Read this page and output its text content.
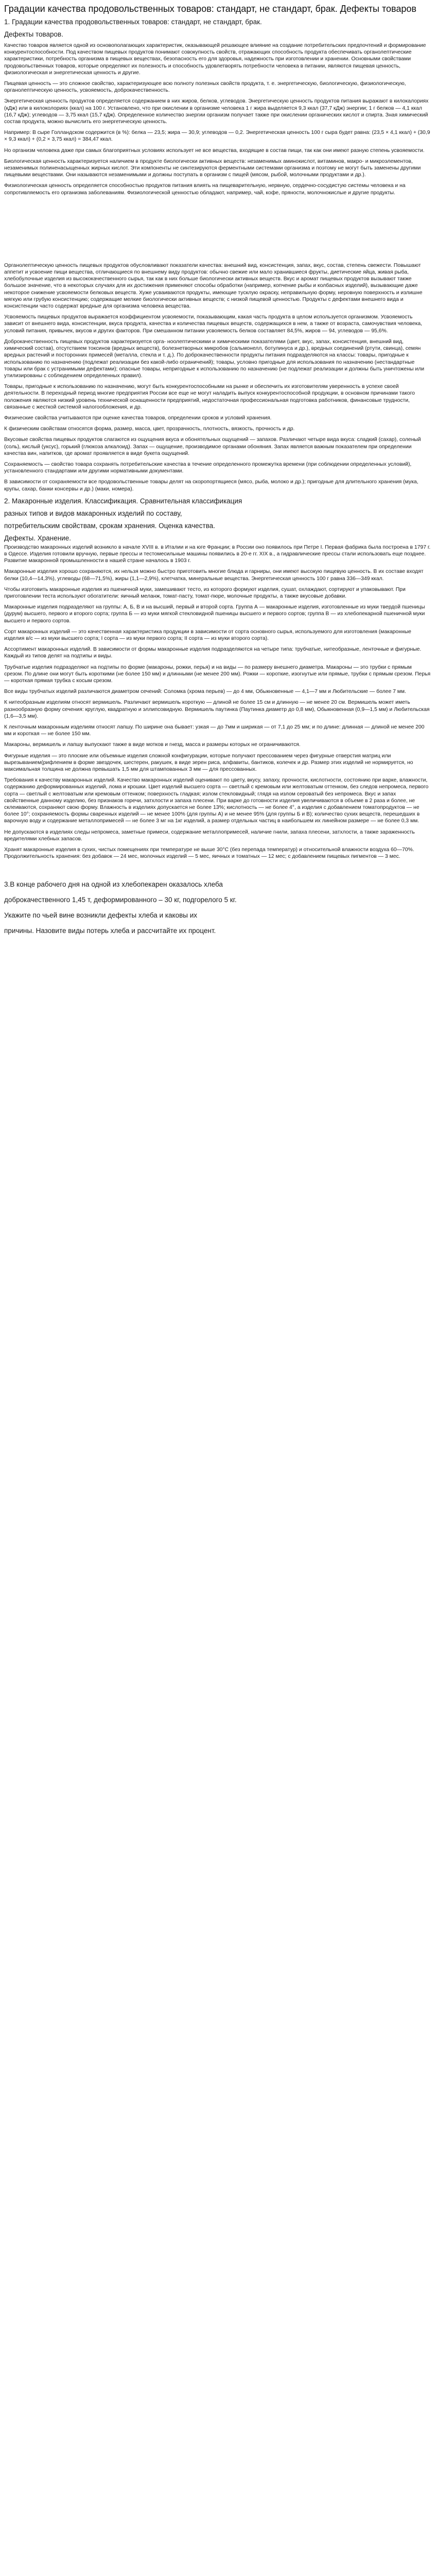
Градации качества продовольственных товаров: стандарт, не стандарт, брак. Дефекты товаров
1. Градации качества продовольственных товаров: стандарт, не стандарт, брак.
Дефекты товаров.

Качество товаров является одной из основополагающих характеристик, оказывающей решающее влияние на создание потребительских предпочтений и формирование конкурентоспособности. Под качеством пищевых продуктов понимают совокупность свойств, отражающих способность продукта обеспечивать органолептические характеристики, потребность организма в пищевых веществах, безопасность его для здоровья, надежность при изготовлении и хранении. Основными свойствами продовольственных товаров, которые определяют их полезность и способность удовлетворять потребности человека в питании, являются пищевая ценность, физиологическая и энергетическая ценность и другие.

Пищевая ценность — это сложное свойство, характеризующее всю полноту полезных свойств продукта, т. е. энергетическую, биологическую, физиологическую, органолептическую ценность, усвояемость, доброкачественность.

Энергетическая ценность продуктов определяется содержанием в них жиров, белков, углеводов. Энергетическую ценность продуктов питания выражают в килокалориях (кДж) или в килоколориях (ккал) на 100 г. Установлено, что при окислении в организме человека 1 г жира выделяется 9,3 ккал (37,7 кДж) энергии; 1 г белков — 4,1 ккал (16,7 кДж); углеводов — 3,75 ккал (15,7 кДж). Определенное количество энергии организм получает также при окислении органических кислот и спирта. Зная химический состав продукта, можно вычислить его энергетическую ценность.

Например: В сыре Голландском содержится (в %): белка — 23,5; жира — 30,9; углеводов — 0,2. Энергетическая ценность 100 г сыра будет равна: (23,5 × 4,1 ккал) + (30,9 × 9,3 ккал) + (0,2 × 3,75 ккал) = 384,47 ккал.

Но организм человека даже при самых благоприятных условиях использует не все вещества, входящие в состав пищи, так как они имеют разную степень усвояемости.

Биологическая ценность характеризуется наличием в продукте биологически активных веществ: незаменимых аминокислот, витаминов, макро- и микроэлементов, незаменимых полиненасыщенных жирных кислот. Эти компоненты не синтезируются ферментными системами организма и поэтому не могут быть заменены другими пищевыми веществами. Они называются незаменимыми и должны поступать в организм с пищей (мясом, рыбой, молочными продуктами и др.).

Физиологическая ценность определяется способностью продуктов питания влиять на пищеварительную, нервную, сердечно-сосудистую системы человека и на сопротивляемость его организма заболеваниям. Физиологической ценностью обладают, например, чай, кофе, пряности, молочнокислые и другие продукты.

Органолептическую ценность пищевых продуктов обусловливают показатели качества: внешний вид, консистенция, запах, вкус, состав, степень свежести. Повышают аппетит и усвоение пищи вещества, отличающиеся по внешнему виду продуктов: обычно свежие или мало хранившиеся фрукты, диетические яйца, живая рыба, хлебобулочные изделия из высококачественного сырья, так как в них больше биологически активных веществ. Вкус и аромат пищевых продуктов вызывают также большое значение, что в некоторых случаях для их достижения применяют способы обработки (например, копчение рыбы и колбасных изделий), вызывающие даже некоторое снижение усвояемости белковых веществ. Хуже усваиваются продукты, имеющие тусклую окраску, неправильную форму, неровную поверхность и излишне мягкую или грубую консистенцию; содержащие мелкие биологически активных веществ; с низкой пищевой ценностью. Продукты с дефектами внешнего вида и консистенции часто содержат вредные для организма человека вещества.

Усвояемость пищевых продуктов выражается коэффициентом усвояемости, показывающим, какая часть продукта в целом используется организмом. Усвояемость зависит от внешнего вида, консистенции, вкуса продукта, качества и количества пищевых веществ, содержащихся в нем, а также от возраста, самочувствия человека, условий питания, привычек, вкусов и других факторов. При смешанном питании усвояемость белков составляет 84,5%, жиров — 94, углеводов — 95,6%.

Доброкачественность пищевых продуктов характеризуется орга- ноолептическими и химическими показателями (цвет, вкус, запах, консистенция, внешний вид, химический состав), отсутствием токсинов (вредных веществ), болезнетворных микробов (сальмонелл, ботулинуса и др.), вредных соединений (ртути, свинца), семян вредных растений и посторонних примесей (металла, стекла и т. д.). По доброкачественности продукты питания подразделяются на классы: товары, пригодные к использованию по назначению (подлежат реализации без какой-либо ограничений); товары, условно пригодные для использования по назначению (нестандартные товары или брак с устранимыми дефектами); опасные товары, непригодные к использованию по назначению (не подлежат реализации и должны быть уничтожены или утилизированы с соблюдением определенных правил).

Товары, пригодные к использованию по назначению, могут быть конкурентоспособными на рынке и обеспечить их изготовителям уверенность в успехе своей деятельности. В переходный период многие предприятия России все еще не могут наладить выпуск конкурентоспособной продукции, в основном причинами такого положения являются низкий уровень технической оснащенности предприятий, недостаточная профессиональная подготовка работников, финансовые трудности, связанные с жесткой системой налогообложения, и др.

Физические свойства учитываются при оценке качества товаров, определении сроков и условий хранения.

К физическим свойствам относятся форма, размер, масса, цвет, прозрачность, плотность, вязкость, прочность и др.

Вкусовые свойства пищевых продуктов слагаются из ощущения вкуса и обонятельных ощущений — запахов. Различают четыре вида вкуса: сладкий (сахар), соленый (соль), кислый (уксус), горький (глюкоза алкалоид). Запах — ощущение, производимое органами обоняния. Запах является важным показателем при определении качества вин, напитков, где аромат проявляется в виде букета ощущений.

Сохраняемость — свойство товара сохранять потребительские качества в течение определенного промежутка времени (при соблюдении определенных условий), установленного стандартами или другими нормативными документами.

В зависимости от сохраняемости все продовольственные товары делят на скоропортящиеся (мясо, рыба, молоко и др.); пригодные для длительного хранения (мука, крупы, сахар, банки консервы и др.) (маки, номера).

2. Макаронные изделия. Классификация. Сравнительная классификация
разных типов и видов макаронных изделий по составу,
потребительским свойствам, срокам хранения. Оценка качества.
Дефекты. Хранение.

Производство макаронных изделий возникло в начале XVIII в. в Италии и на юге Франции; в России оно появилось при Петре I. Первая фабрика была построена в 1797 г. в Одессе. Изделия готовили вручную, первые прессы и тестомесильные машины появились в 20-е гг. XIX в., а гидравлические прессы стали использовать еще позднее. Развитие макаронной промышленности в нашей стране началось в 1903 г.

Макаронные изделия хорошо сохраняются, их нельзя можно быстро приготовить многие блюда и гарниры, они имеют высокую пищевую ценность. В их составе входят белки (10,4—14,3%), углеводы (68—71,5%), жиры (1,1—2,9%), клетчатка, минеральные вещества. Энергетическая ценность 100 г равна 336—349 ккал.

Чтобы изготовить макаронные изделия из пшеничной муки, замешивают тесто, из которого формуют изделия, сушат, охлаждают, сортируют и упаковывают. При приготовлении теста используют обогатители: яичный меланж, томат-пасту, томат-пюре, молочные продукты, а также вкусовые добавки.

Макаронные изделия подразделяют на группы: А, Б, В и на высший, первый и второй сорта. Группа А — макаронные изделия, изготовленные из муки твердой пшеницы (дурум) высшего, первого и второго сорта; группа Б — из муки мягкой стекловидной пшеницы высшего и первого сортов; группа В — из хлебопекарной пшеничной муки высшего и первого сортов.

Сорт макаронных изделий — это качественная характеристика продукции в зависимости от сорта основного сырья, используемого для изготовления (макаронные изделия в/с — из муки высшего сорта; I сорта — из муки первого сорта; II сорта — из муки второго сорта).

Ассортимент макаронных изделий. В зависимости от формы макаронные изделия подразделяются на четыре типа: трубчатые, нитеобразные, ленточные и фигурные. Каждый из типов делят на подтипы и виды.

Трубчатые изделия подразделяют на подтипы по форме (макароны, рожки, перья) и на виды — по размеру внешнего диаметра. Макароны — это трубки с прямым срезом. По длине они могут быть короткими (не более 150 мм) и длинными (не менее 200 мм). Рожки — короткие, изогнутые или прямые, трубки с прямым срезом. Перья — короткая прямая трубка с косым срезом.

Все виды трубчатых изделий различаются диаметром сечений: Соломка (хрома перьев) — до 4 мм, Обыкновенные — 4,1—7 мм и Любительские — более 7 мм.

К нитеобразным изделиям относят вермишель. Различают вермишель короткую — длиной не более 15 см и длинную — не менее 20 см. Вермишель может иметь разнообразную форму сечения: круглую, квадратную и эллипсовидную. Вермишель паутинка (Паутинка диаметр до 0,8 мм), Обыкновенная (0,9—1,5 мм) и Любительская (1,6—3,5 мм).

К ленточным макаронным изделиям относят лапшу. По ширине она бывает: узкая — до 7мм и ширикая — от 7,1 до 25 мм; и по длине: длинная — длиной не менее 200 мм и короткая — не более 150 мм.

Макароны, вермишель и лапшу выпускают также в виде мотков и гнезд, масса и размеры которых не ограничиваются.

Фигурные изделия — это плоские или объемные изделия сложной конфигурации, которые получают прессованием через фигурные отверстия матриц или вырезыванием(рифлением в форме звездочек, шестерен, ракушек, в виде зерен риса, алфавиты, бантиков, колечек и др. Размер этих изделий не нормируется, но максимальная толщина не должна превышать 1,5 мм для штампованных 3 мм — для прессованных.

Требования к качеству макаронных изделий. Качество макаронных изделий оценивают по цвету, вкусу, запаху, прочности, кислотности, состоянию при варке, влажности, содержанию деформированных изделий, лома и крошки. Цвет изделий высшего сорта — светлый с кремовым или желтоватым оттенком, без следов непромеса, первого сорта — светлый с желтоватым или кремовым оттенком; поверхность гладкая; излом стекловидный; глядя на излом сероватый без непромеса. Вкус и запах свойственные данному изделию, без признаков горечи, затхлости и запаха плесени. При варке до готовности изделия увеличиваются в объеме в 2 раза и более, не склеиваются, сохраняют свою форму. Влажность в изделиях допускается не более 13%; кислотность — не более 4°, а изделия с добавлением томатопродуктов — не более 10°; сохраняемость формы сваренных изделий — не менее 100% (для группы А) и не менее 95% (для группы Б и В); количество сухих веществ, перешедших в варочную воду и содержание металлопримесей — не более 3 мг на 1кг изделий, а размер отдельных частиц в наибольшем их линейном размере — не более 0,3 мм.

Не допускаются в изделиях следы непромеса, заметные примеси, содержание металлопримесей, наличие гнили, запаха плесени, затхлости, а также зараженность вредителями хлебных запасов.

Хранят макаронные изделия в сухих, чистых помещениях при температуре не выше 30°C (без перепада температур) и относительной влажности воздуха 60—70%. Продолжительность хранения: без добавок — 24 мес, молочных изделий — 5 мес, яичных и томатных — 12 мес; с добавлением пищевых пигментов — 3 мес.

3.В конце рабочего дня на одной из хлебопекарен оказалось хлеба
доброкачественного 1,45 т, деформированного – 30 кг, подгорелого 5 кг.
Укажите по чьей вине возникли дефекты хлеба и каковы их
причины. Назовите виды потерь хлеба и рассчитайте их процент.
